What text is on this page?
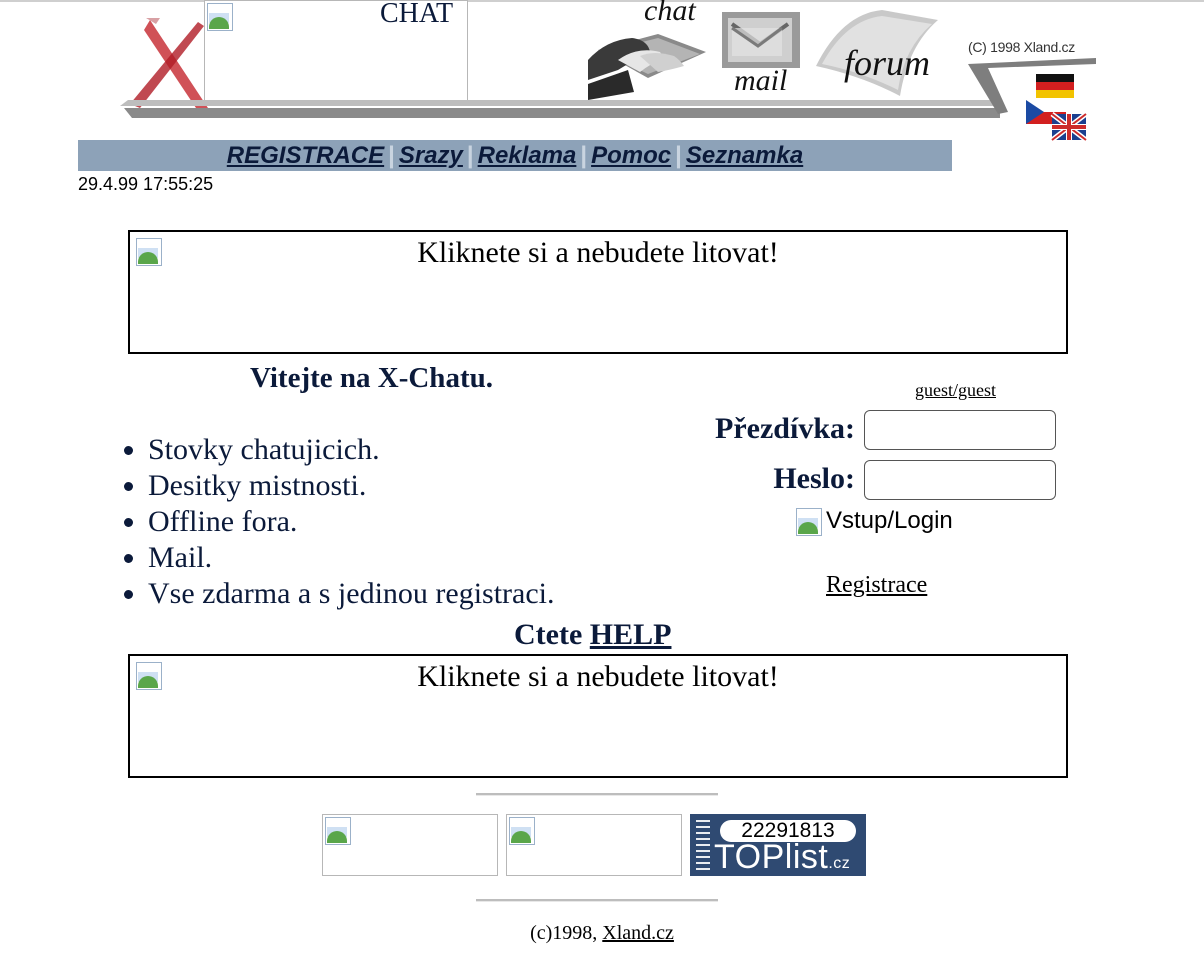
CHAT	chat
mail forum	(C) 1998 Xland.cz
REGISTRACE | Srazy | Reklama | Pomoc | Seznamka
29.4.99 17:55:25
Kliknete si a nebudete litovat!
Vitejte na X-Chatu.
• Stovky chatujicich.
• Desitky mistnosti.
• Offline fora.
• Mail.
• Vse zdarma a s jedinou registraci.
guest/guest
Přezdívka:
Heslo:
Vstup/Login
Registrace
Ctete HELP
Kliknete si a nebudete litovat!
22291813
TOPlist.cz
(c)1998, Xland.cz
